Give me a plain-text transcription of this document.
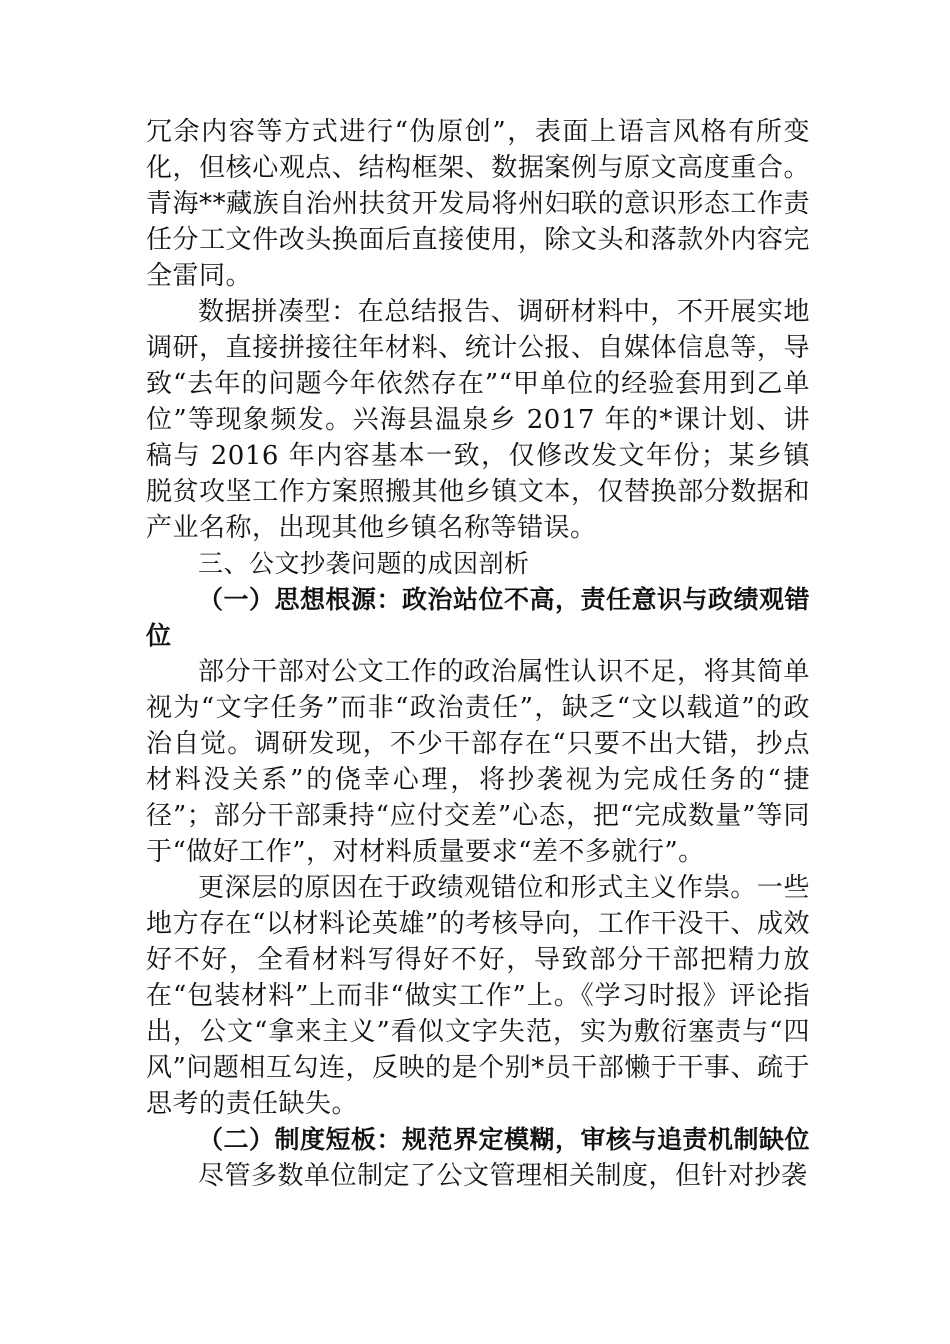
冗余内容等方式进行“伪原创”，表面上语言风格有所变化，但核心观点、结构框架、数据案例与原文高度重合。青海**藏族自治州扶贫开发局将州妇联的意识形态工作责任分工文件改头换面后直接使用，除文头和落款外内容完全雷同。

数据拼凑型：在总结报告、调研材料中，不开展实地调研，直接拼接往年材料、统计公报、自媒体信息等，导致“去年的问题今年依然存在”“甲单位的经验套用到乙单位”等现象频发。兴海县温泉乡 2017 年的*课计划、讲稿与 2016 年内容基本一致，仅修改发文年份；某乡镇脱贫攻坚工作方案照搬其他乡镇文本，仅替换部分数据和产业名称，出现其他乡镇名称等错误。

三、公文抄袭问题的成因剖析

（一）思想根源：政治站位不高，责任意识与政绩观错位

部分干部对公文工作的政治属性认识不足，将其简单视为“文字任务”而非“政治责任”，缺乏“文以载道”的政治自觉。调研发现，不少干部存在“只要不出大错，抄点材料没关系”的侥幸心理，将抄袭视为完成任务的“捷径”；部分干部秉持“应付交差”心态，把“完成数量”等同于“做好工作”，对材料质量要求“差不多就行”。

更深层的原因在于政绩观错位和形式主义作祟。一些地方存在“以材料论英雄”的考核导向，工作干没干、成效好不好，全看材料写得好不好，导致部分干部把精力放在“包装材料”上而非“做实工作”上。《学习时报》评论指出，公文“拿来主义”看似文字失范，实为敷衍塞责与“四风”问题相互勾连，反映的是个别*员干部懒于干事、疏于思考的责任缺失。

（二）制度短板：规范界定模糊，审核与追责机制缺位

尽管多数单位制定了公文管理相关制度，但针对抄袭
